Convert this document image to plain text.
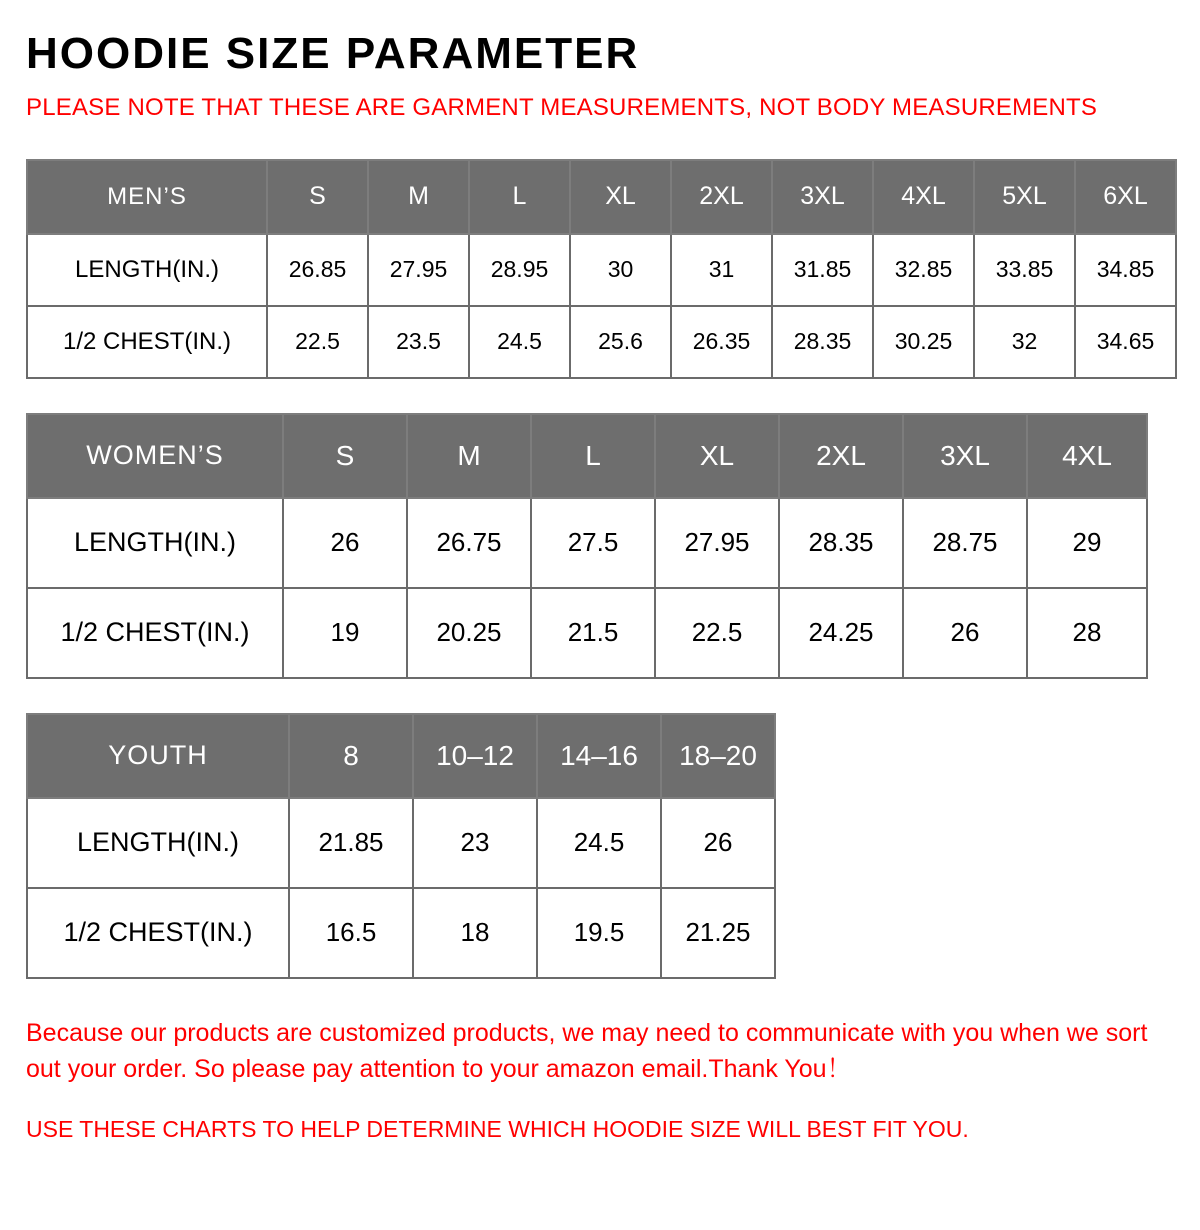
HOODIE SIZE PARAMETER
PLEASE NOTE THAT THESE ARE GARMENT MEASUREMENTS, NOT BODY MEASUREMENTS
MEN’S	S	M	L	XL	2XL	3XL	4XL	5XL	6XL
LENGTH(IN.)	26.85	27.95	28.95	30	31	31.85	32.85	33.85	34.85
1/2 CHEST(IN.)	22.5	23.5	24.5	25.6	26.35	28.35	30.25	32	34.65
WOMEN’S	S	M	L	XL	2XL	3XL	4XL
LENGTH(IN.)	26	26.75	27.5	27.95	28.35	28.75	29
1/2 CHEST(IN.)	19	20.25	21.5	22.5	24.25	26	28
YOUTH	8	10–12	14–16	18–20
LENGTH(IN.)	21.85	23	24.5	26
1/2 CHEST(IN.)	16.5	18	19.5	21.25

Because our products are customized products, we may need to communicate with you when we sort out your order. So please pay attention to your amazon email.Thank You！

USE THESE CHARTS TO HELP DETERMINE WHICH HOODIE SIZE WILL BEST FIT YOU.
